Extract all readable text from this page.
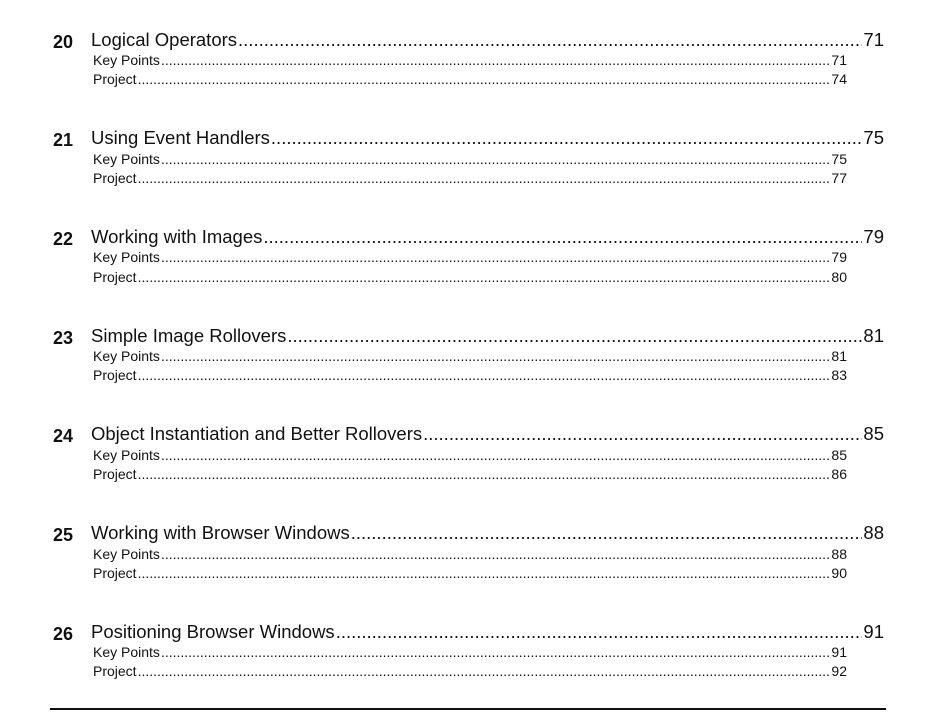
20 Logical Operators .....	71
Key Points .....	71
Project .....	74
21 Using Event Handlers .....	75
Key Points .....	75
Project .....	77
22 Working with Images .....	79
Key Points .....	79
Project .....	80
23 Simple Image Rollovers .....	81
Key Points .....	81
Project .....	83
24 Object Instantiation and Better Rollovers .....	85
Key Points .....	85
Project .....	86
25 Working with Browser Windows .....	88
Key Points .....	88
Project .....	90
26 Positioning Browser Windows .....	91
Key Points .....	91
Project .....	92
